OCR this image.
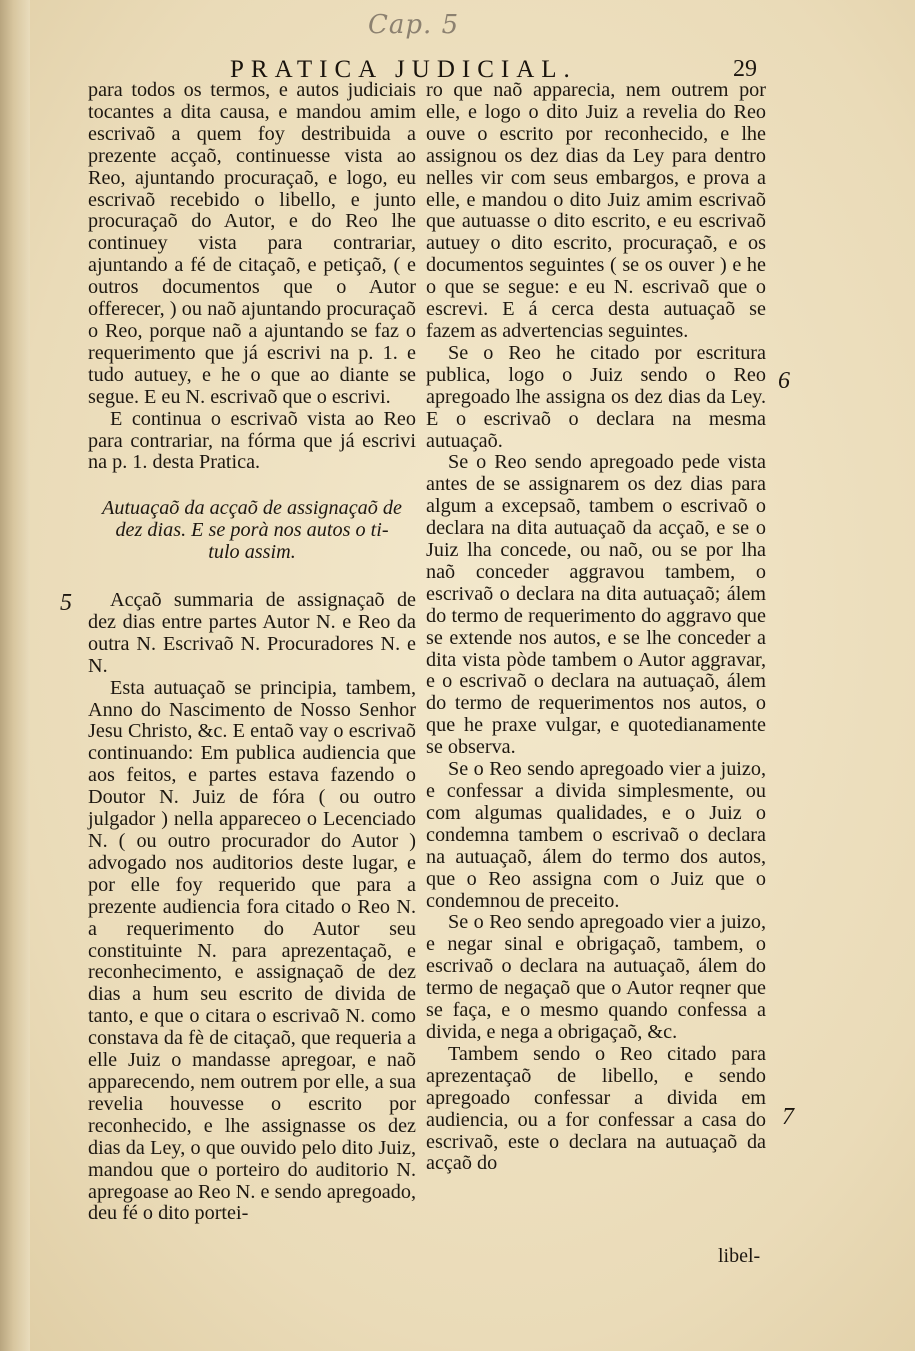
Cap. 5
PRATICA JUDICIAL.	29

para todos os termos, e autos judiciais tocantes a dita causa, e mandou amim escrivaõ a quem foy destribuida a prezente acçaõ, continuesse vista ao Reo, ajuntando procuraçaõ, e logo, eu escrivaõ recebido o libello, e junto procuraçaõ do Autor, e do Reo lhe continuey vista para contrariar, ajuntando a fé de citaçaõ, e petiçaõ, ( e outros documentos que o Autor offerecer, ) ou naõ ajuntando procuraçaõ o Reo, porque naõ a ajuntando se faz o requerimento que já escrivi na p. 1. e tudo autuey, e he o que ao diante se segue. E eu N. escrivaõ que o escrivi.

E continua o escrivaõ vista ao Reo para contrariar, na fórma que já escrivi na p. 1. desta Pratica.

Autuaçaõ da acçaõ de assignaçaõ de
dez dias. E se porà nos autos o ti-
tulo assim.

Acçaõ summaria de assignaçaõ de dez dias entre partes Autor N. e Reo da outra N. Escrivaõ N. Procuradores N. e N.

Esta autuaçaõ se principia, tambem, Anno do Nascimento de Nosso Senhor Jesu Christo, &c. E entaõ vay o escrivaõ continuando: Em publica audiencia que aos feitos, e partes estava fazendo o Doutor N. Juiz de fóra ( ou outro julgador ) nella appareceo o Lecenciado N. ( ou outro procurador do Autor ) advogado nos auditorios deste lugar, e por elle foy requerido que para a prezente audiencia fora citado o Reo N. a requerimento do Autor seu constituinte N. para aprezentaçaõ, e reconhecimento, e assignaçaõ de dez dias a hum seu escrito de divida de tanto, e que o citara o escrivaõ N. como constava da fè de citaçaõ, que requeria a elle Juiz o mandasse apregoar, e naõ apparecendo, nem outrem por elle, a sua revelia houvesse o escrito por reconhecido, e lhe assignasse os dez dias da Ley, o que ouvido pelo dito Juiz, mandou que o porteiro do auditorio N. apregoase ao Reo N. e sendo apregoado, deu fé o dito portei-

ro que naõ apparecia, nem outrem por elle, e logo o dito Juiz a revelia do Reo ouve o escrito por reconhecido, e lhe assignou os dez dias da Ley para dentro nelles vir com seus embargos, e prova a elle, e mandou o dito Juiz amim escrivaõ que autuasse o dito escrito, e eu escrivaõ autuey o dito escrito, procuraçaõ, e os documentos seguintes ( se os ouver ) e he o que se segue: e eu N. escrivaõ que o escrevi. E á cerca desta autuaçaõ se fazem as advertencias seguintes.

Se o Reo he citado por escritura publica, logo o Juiz sendo o Reo apregoado lhe assigna os dez dias da Ley. E o escrivaõ o declara na mesma autuaçaõ.

Se o Reo sendo apregoado pede vista antes de se assignarem os dez dias para algum a excepsaõ, tambem o escrivaõ o declara na dita autuaçaõ da acçaõ, e se o Juiz lha concede, ou naõ, ou se por lha naõ conceder aggravou tambem, o escrivaõ o declara na dita autuaçaõ; álem do termo de requerimento do aggravo que se extende nos autos, e se lhe conceder a dita vista pòde tambem o Autor aggravar, e o escrivaõ o declara na autuaçaõ, álem do termo de requerimentos nos autos, o que he praxe vulgar, e quotedianamente se observa.

Se o Reo sendo apregoado vier a juizo, e confessar a divida simplesmente, ou com algumas qualidades, e o Juiz o condemna tambem o escrivaõ o declara na autuaçaõ, álem do termo dos autos, que o Reo assigna com o Juiz que o condemnou de preceito.

Se o Reo sendo apregoado vier a juizo, e negar sinal e obrigaçaõ, tambem, o escrivaõ o declara na autuaçaõ, álem do termo de negaçaõ que o Autor reqner que se faça, e o mesmo quando confessa a divida, e nega a obrigaçaõ, &c.

Tambem sendo o Reo citado para aprezentaçaõ de libello, e sendo apregoado confessar a divida em audiencia, ou a for confessar a casa do escrivaõ, este o declara na autuaçaõ da acçaõ do

5
6
7
libel-
